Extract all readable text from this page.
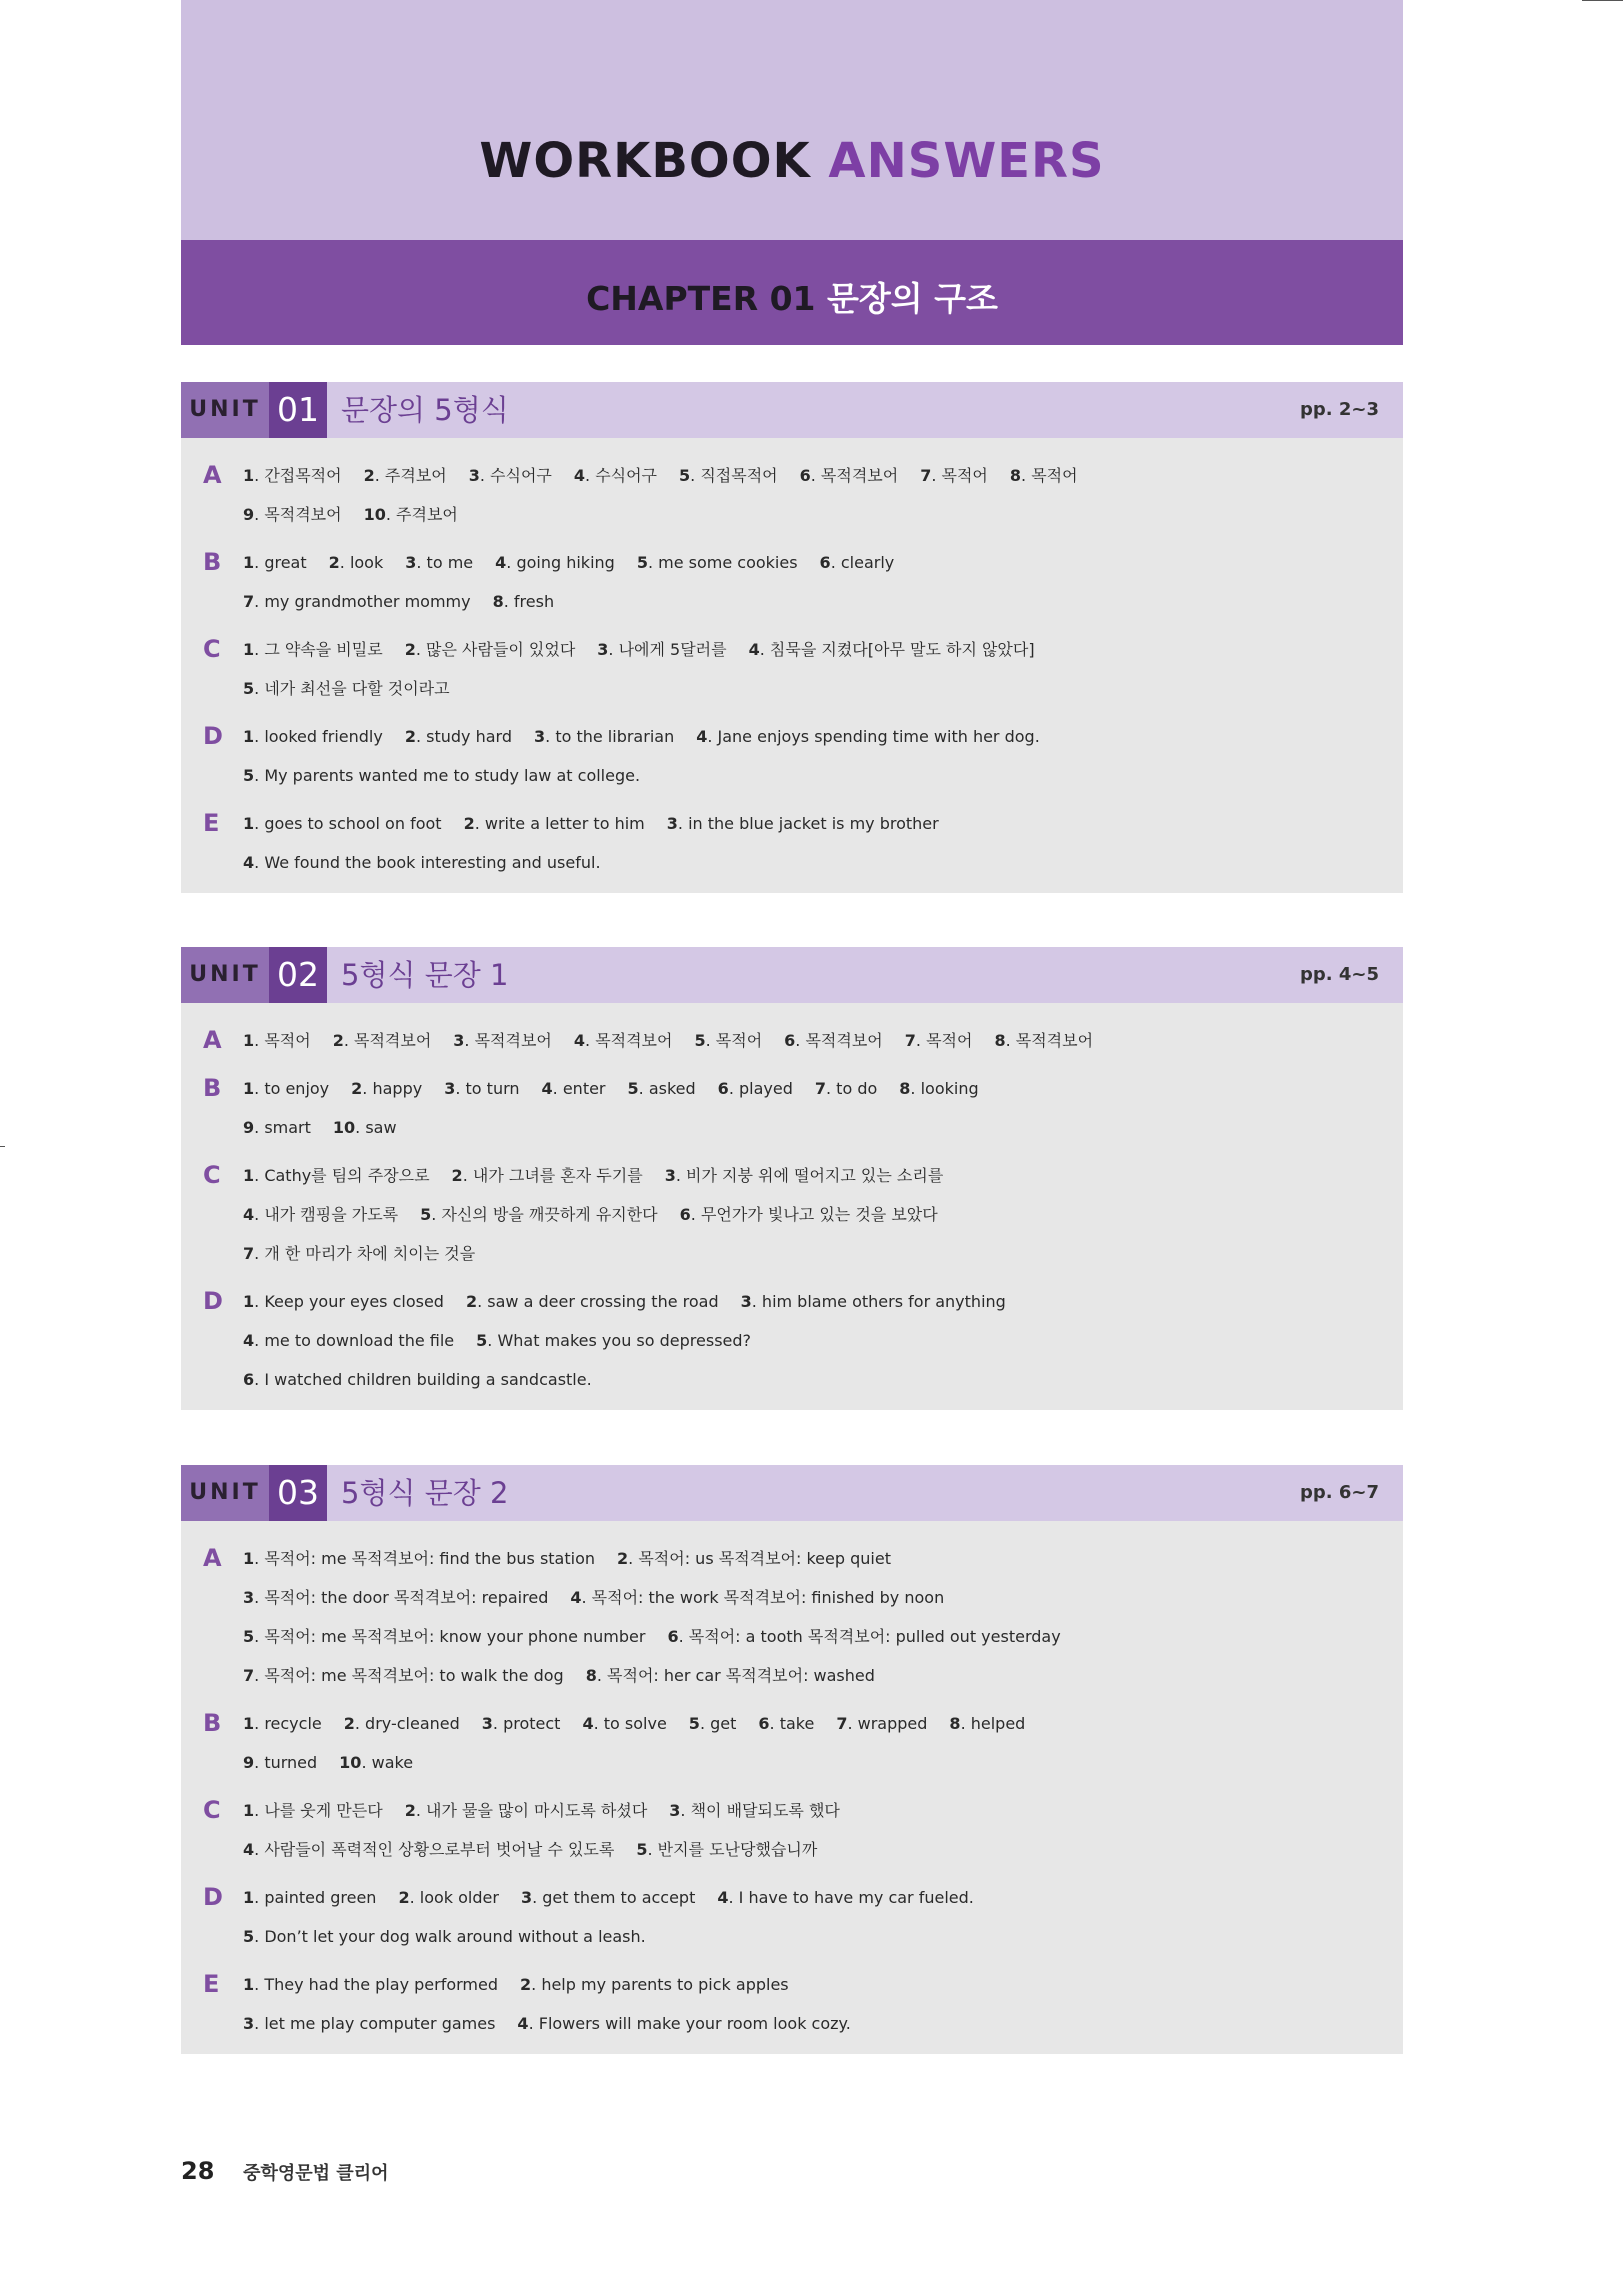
WORKBOOK ANSWERS
CHAPTER 01 문장의 구조
UNIT 01 문장의 5형식	pp. 2~3
A	1. 간접목적어 2. 주격보어 3. 수식어구 4. 수식어구 5. 직접목적어 6. 목적격보어 7. 목적어 8. 목적어
9. 목적격보어 10. 주격보어
B	1. great 2. look 3. to me 4. going hiking 5. me some cookies 6. clearly
7. my grandmother mommy 8. fresh
C	1. 그 약속을 비밀로 2. 많은 사람들이 있었다 3. 나에게 5달러를 4. 침묵을 지켰다[아무 말도 하지 않았다]
5. 네가 최선을 다할 것이라고
D	1. looked friendly 2. study hard 3. to the librarian 4. Jane enjoys spending time with her dog.
5. My parents wanted me to study law at college.
E	1. goes to school on foot 2. write a letter to him 3. in the blue jacket is my brother
4. We found the book interesting and useful.
UNIT 02 5형식 문장 1	pp. 4~5
A	1. 목적어 2. 목적격보어 3. 목적격보어 4. 목적격보어 5. 목적어 6. 목적격보어 7. 목적어 8. 목적격보어
B	1. to enjoy 2. happy 3. to turn 4. enter 5. asked 6. played 7. to do 8. looking
9. smart 10. saw
C	1. Cathy를 팀의 주장으로 2. 내가 그녀를 혼자 두기를 3. 비가 지붕 위에 떨어지고 있는 소리를
4. 내가 캠핑을 가도록 5. 자신의 방을 깨끗하게 유지한다 6. 무언가가 빛나고 있는 것을 보았다
7. 개 한 마리가 차에 치이는 것을
D	1. Keep your eyes closed 2. saw a deer crossing the road 3. him blame others for anything
4. me to download the file 5. What makes you so depressed?
6. I watched children building a sandcastle.
UNIT 03 5형식 문장 2	pp. 6~7
A	1. 목적어: me 목적격보어: find the bus station 2. 목적어: us 목적격보어: keep quiet
3. 목적어: the door 목적격보어: repaired 4. 목적어: the work 목적격보어: finished by noon
5. 목적어: me 목적격보어: know your phone number 6. 목적어: a tooth 목적격보어: pulled out yesterday
7. 목적어: me 목적격보어: to walk the dog 8. 목적어: her car 목적격보어: washed
B	1. recycle 2. dry-cleaned 3. protect 4. to solve 5. get 6. take 7. wrapped 8. helped
9. turned 10. wake
C	1. 나를 웃게 만든다 2. 내가 물을 많이 마시도록 하셨다 3. 책이 배달되도록 했다
4. 사람들이 폭력적인 상황으로부터 벗어날 수 있도록 5. 반지를 도난당했습니까
D	1. painted green 2. look older 3. get them to accept 4. I have to have my car fueled.
5. Don’t let your dog walk around without a leash.
E	1. They had the play performed 2. help my parents to pick apples
3. let me play computer games 4. Flowers will make your room look cozy.
28 중학영문법 클리어
